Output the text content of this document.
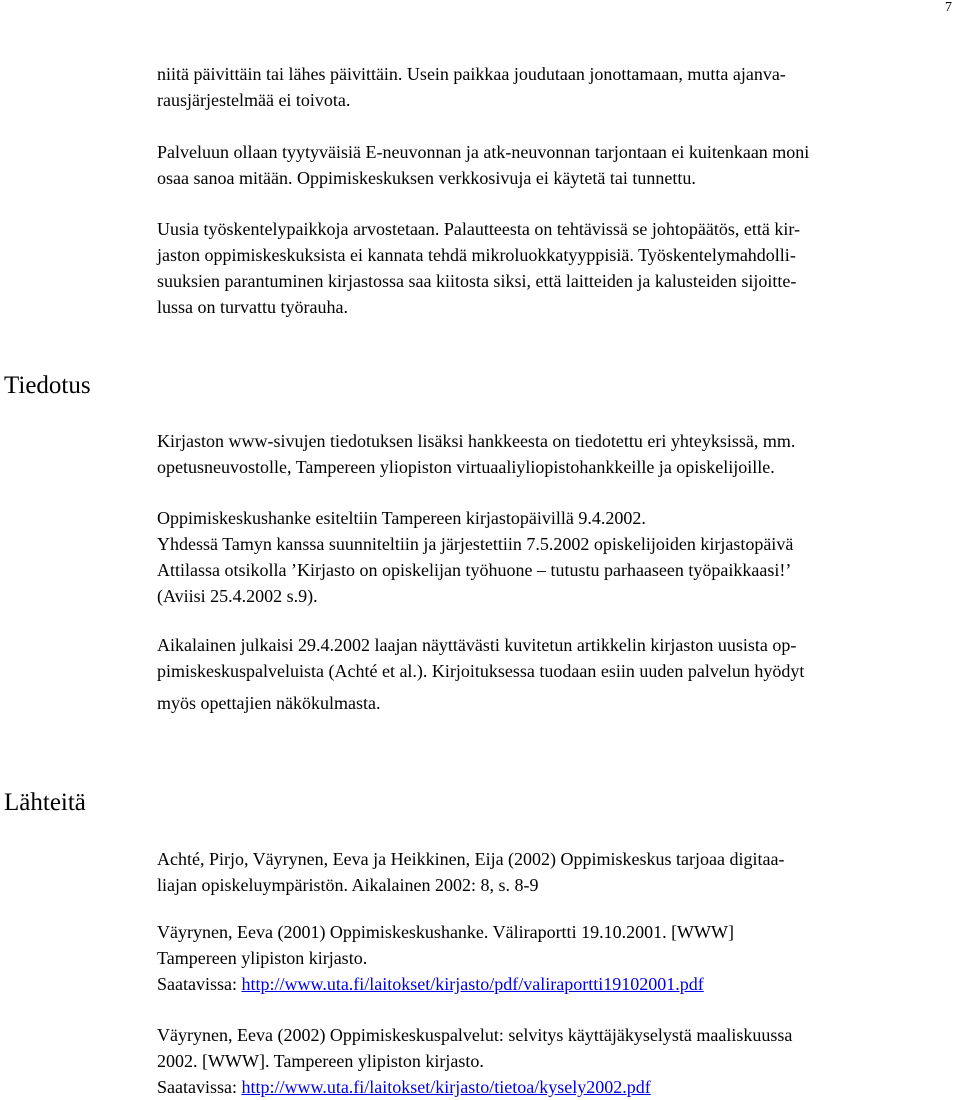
7

niitä päivittäin tai lähes päivittäin. Usein paikkaa joudutaan jonottamaan, mutta ajanva-
rausjärjestelmää ei toivota.

Palveluun ollaan tyytyväisiä E-neuvonnan ja atk-neuvonnan tarjontaan ei kuitenkaan moni
osaa sanoa mitään. Oppimiskeskuksen verkkosivuja ei käytetä tai tunnettu.

Uusia työskentelypaikkoja arvostetaan. Palautteesta on tehtävissä se johtopäätös, että kir-
jaston oppimiskeskuksista ei kannata tehdä mikroluokkatyyppisiä. Työskentelymahdolli-
suuksien parantuminen kirjastossa saa kiitosta siksi, että laitteiden ja kalusteiden sijoitte-
lussa on turvattu työrauha.

Tiedotus

Kirjaston www-sivujen tiedotuksen lisäksi hankkeesta on tiedotettu eri yhteyksissä, mm.
opetusneuvostolle, Tampereen yliopiston virtuaaliyliopistohankkeille ja opiskelijoille.

Oppimiskeskushanke esiteltiin Tampereen kirjastopäivillä 9.4.2002.
Yhdessä Tamyn kanssa suunniteltiin ja järjestettiin 7.5.2002 opiskelijoiden kirjastopäivä
Attilassa otsikolla ’Kirjasto on opiskelijan työhuone – tutustu parhaaseen työpaikkaasi!’
(Aviisi 25.4.2002 s.9).

Aikalainen julkaisi 29.4.2002 laajan näyttävästi kuvitetun artikkelin kirjaston uusista op-
pimiskeskuspalveluista (Achté et al.). Kirjoituksessa tuodaan esiin uuden palvelun hyödyt
myös opettajien näkökulmasta.

Lähteitä

Achté, Pirjo, Väyrynen, Eeva ja Heikkinen, Eija (2002) Oppimiskeskus tarjoaa digitaa-
liajan opiskeluympäristön. Aikalainen 2002: 8, s. 8-9

Väyrynen, Eeva (2001) Oppimiskeskushanke. Väliraportti 19.10.2001. [WWW]
Tampereen ylipiston kirjasto.
Saatavissa: http://www.uta.fi/laitokset/kirjasto/pdf/valiraportti19102001.pdf

Väyrynen, Eeva (2002) Oppimiskeskuspalvelut: selvitys käyttäjäkyselystä maaliskuussa
2002. [WWW]. Tampereen ylipiston kirjasto.
Saatavissa: http://www.uta.fi/laitokset/kirjasto/tietoa/kysely2002.pdf
